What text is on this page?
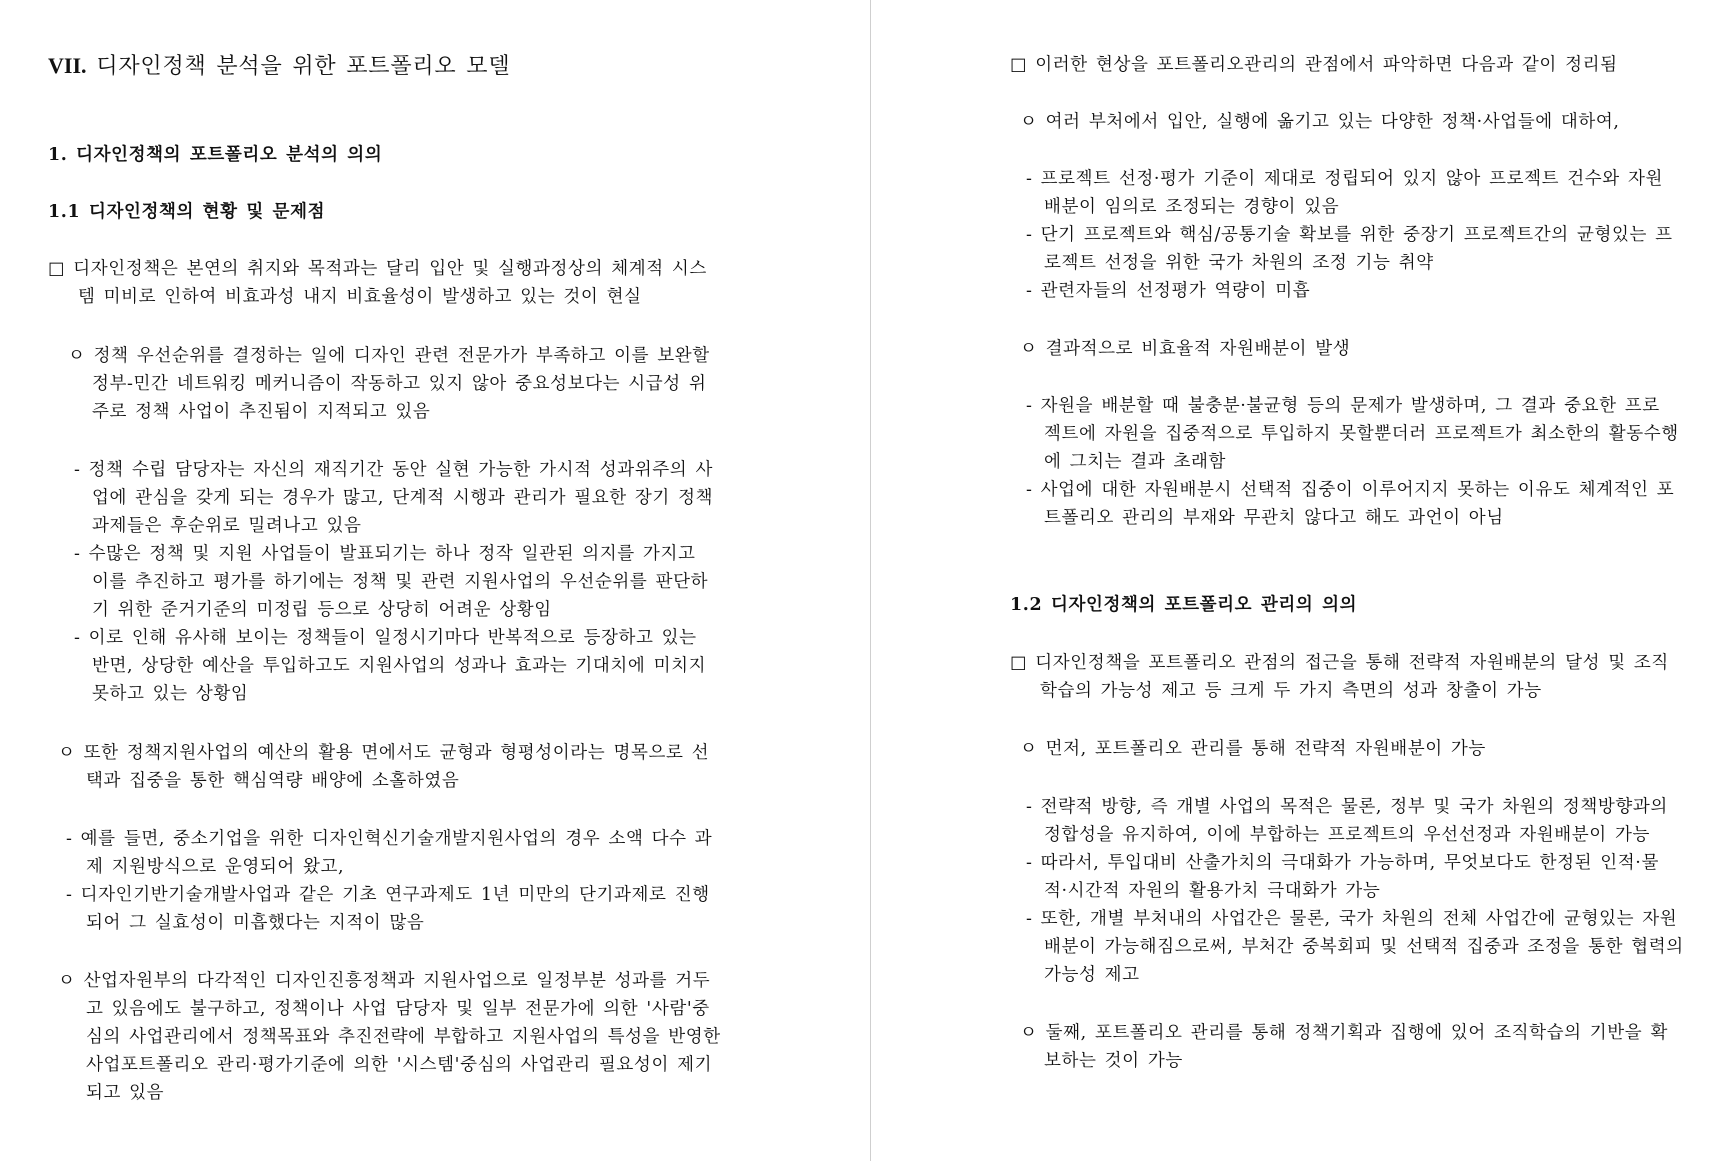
VII. 디자인정책 분석을 위한 포트폴리오 모델
1. 디자인정책의 포트폴리오 분석의 의의
1.1 디자인정책의 현황 및 문제점
□ 디자인정책은 본연의 취지와 목적과는 달리 입안 및 실행과정상의 체계적 시스
템 미비로 인하여 비효과성 내지 비효율성이 발생하고 있는 것이 현실
ㅇ 정책 우선순위를 결정하는 일에 디자인 관련 전문가가 부족하고 이를 보완할
정부-민간 네트워킹 메커니즘이 작동하고 있지 않아 중요성보다는 시급성 위
주로 정책 사업이 추진됨이 지적되고 있음
- 정책 수립 담당자는 자신의 재직기간 동안 실현 가능한 가시적 성과위주의 사
업에 관심을 갖게 되는 경우가 많고, 단계적 시행과 관리가 필요한 장기 정책
과제들은 후순위로 밀려나고 있음
- 수많은 정책 및 지원 사업들이 발표되기는 하나 정작 일관된 의지를 가지고
이를 추진하고 평가를 하기에는 정책 및 관련 지원사업의 우선순위를 판단하
기 위한 준거기준의 미정립 등으로 상당히 어려운 상황임
- 이로 인해 유사해 보이는 정책들이 일정시기마다 반복적으로 등장하고 있는
반면, 상당한 예산을 투입하고도 지원사업의 성과나 효과는 기대치에 미치지
못하고 있는 상황임
ㅇ 또한 정책지원사업의 예산의 활용 면에서도 균형과 형평성이라는 명목으로 선
택과 집중을 통한 핵심역량 배양에 소홀하였음
- 예를 들면, 중소기업을 위한 디자인혁신기술개발지원사업의 경우 소액 다수 과
제 지원방식으로 운영되어 왔고,
- 디자인기반기술개발사업과 같은 기초 연구과제도 1년 미만의 단기과제로 진행
되어 그 실효성이 미흡했다는 지적이 많음
ㅇ 산업자원부의 다각적인 디자인진흥정책과 지원사업으로 일정부분 성과를 거두
고 있음에도 불구하고, 정책이나 사업 담당자 및 일부 전문가에 의한 '사람'중
심의 사업관리에서 정책목표와 추진전략에 부합하고 지원사업의 특성을 반영한
사업포트폴리오 관리·평가기준에 의한 '시스템'중심의 사업관리 필요성이 제기
되고 있음
□ 이러한 현상을 포트폴리오관리의 관점에서 파악하면 다음과 같이 정리됨
ㅇ 여러 부처에서 입안, 실행에 옮기고 있는 다양한 정책·사업들에 대하여,
- 프로젝트 선정·평가 기준이 제대로 정립되어 있지 않아 프로젝트 건수와 자원
배분이 임의로 조정되는 경향이 있음
- 단기 프로젝트와 핵심/공통기술 확보를 위한 중장기 프로젝트간의 균형있는 프
로젝트 선정을 위한 국가 차원의 조정 기능 취약
- 관련자들의 선정평가 역량이 미흡
ㅇ 결과적으로 비효율적 자원배분이 발생
- 자원을 배분할 때 불충분·불균형 등의 문제가 발생하며, 그 결과 중요한 프로
젝트에 자원을 집중적으로 투입하지 못할뿐더러 프로젝트가 최소한의 활동수행
에 그치는 결과 초래함
- 사업에 대한 자원배분시 선택적 집중이 이루어지지 못하는 이유도 체계적인 포
트폴리오 관리의 부재와 무관치 않다고 해도 과언이 아님
1.2 디자인정책의 포트폴리오 관리의 의의
□ 디자인정책을 포트폴리오 관점의 접근을 통해 전략적 자원배분의 달성 및 조직
학습의 가능성 제고 등 크게 두 가지 측면의 성과 창출이 가능
ㅇ 먼저, 포트폴리오 관리를 통해 전략적 자원배분이 가능
- 전략적 방향, 즉 개별 사업의 목적은 물론, 정부 및 국가 차원의 정책방향과의
정합성을 유지하여, 이에 부합하는 프로젝트의 우선선정과 자원배분이 가능
- 따라서, 투입대비 산출가치의 극대화가 가능하며, 무엇보다도 한정된 인적·물
적·시간적 자원의 활용가치 극대화가 가능
- 또한, 개별 부처내의 사업간은 물론, 국가 차원의 전체 사업간에 균형있는 자원
배분이 가능해짐으로써, 부처간 중복회피 및 선택적 집중과 조정을 통한 협력의
가능성 제고
ㅇ 둘째, 포트폴리오 관리를 통해 정책기획과 집행에 있어 조직학습의 기반을 확
보하는 것이 가능
